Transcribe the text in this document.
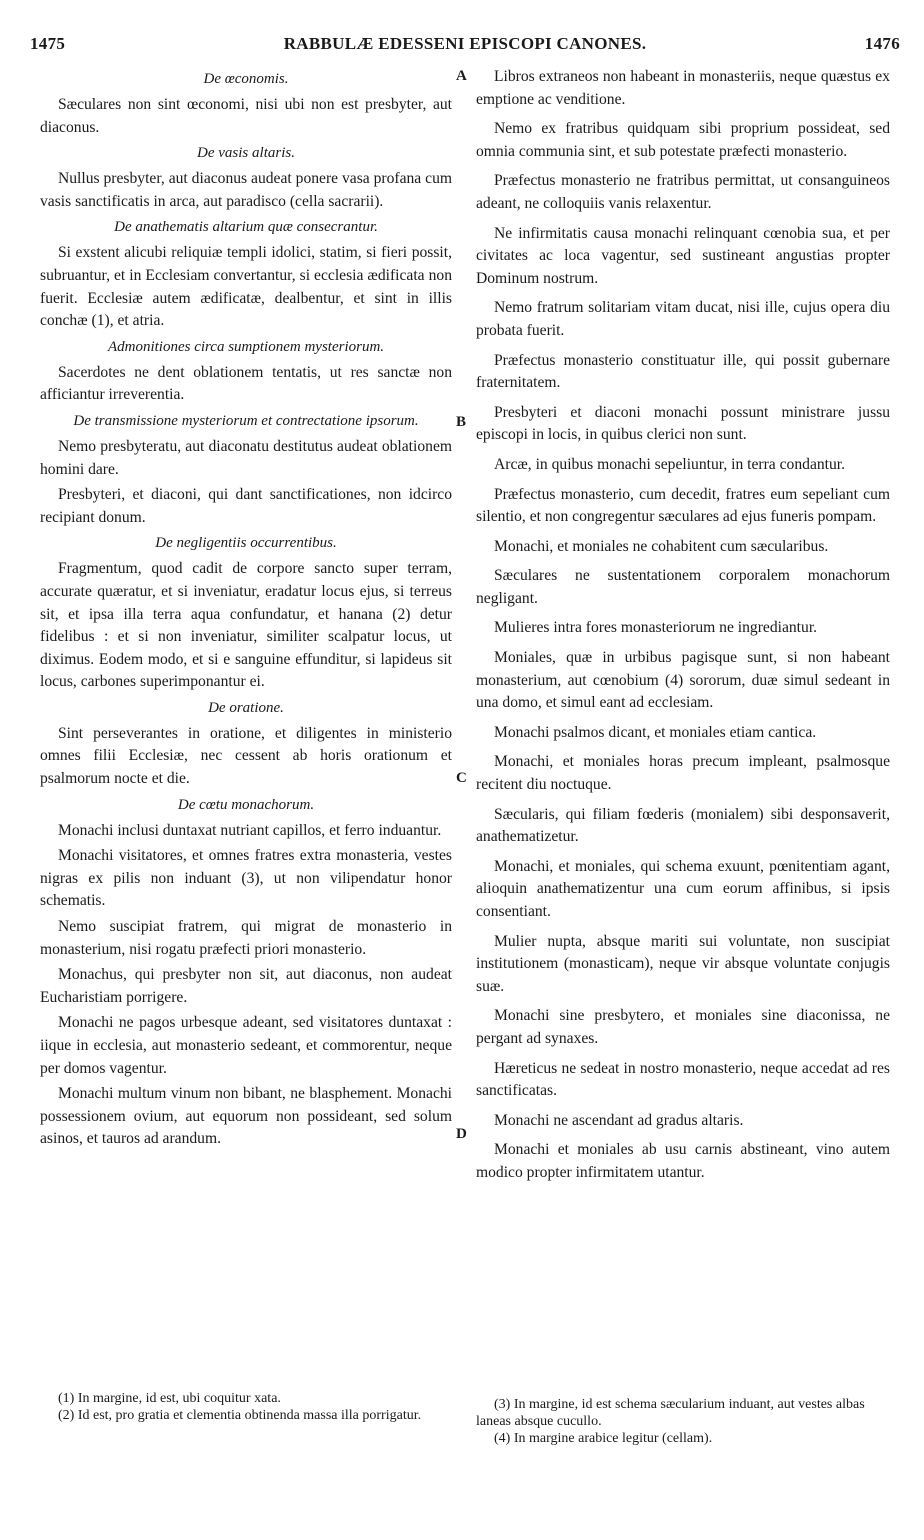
1475	RABBULÆ EDESSENI EPISCOPI CANONES.	1476
A
B
C
D

De œconomis.

Sæculares non sint œconomi, nisi ubi non est presbyter, aut diaconus.

De vasis altaris.

Nullus presbyter, aut diaconus audeat ponere vasa profana cum vasis sanctificatis in arca, aut paradisco (cella sacrarii).

De anathematis altarium quæ consecrantur.

Si exstent alicubi reliquiæ templi idolici, statim, si fieri possit, subruantur, et in Ecclesiam convertantur, si ecclesia ædificata non fuerit. Ecclesiæ autem ædificatæ, dealbentur, et sint in illis conchæ (1), et atria.

Admonitiones circa sumptionem mysteriorum.

Sacerdotes ne dent oblationem tentatis, ut res sanctæ non afficiantur irreverentia.

De transmissione mysteriorum et contrectatione ipsorum.

Nemo presbyteratu, aut diaconatu destitutus audeat oblationem homini dare.

Presbyteri, et diaconi, qui dant sanctificationes, non idcirco recipiant donum.

De negligentiis occurrentibus.

Fragmentum, quod cadit de corpore sancto super terram, accurate quæratur, et si inveniatur, eradatur locus ejus, si terreus sit, et ipsa illa terra aqua confundatur, et hanana (2) detur fidelibus : et si non inveniatur, similiter scalpatur locus, ut diximus. Eodem modo, et si e sanguine effunditur, si lapideus sit locus, carbones superimponantur ei.

De oratione.

Sint perseverantes in oratione, et diligentes in ministerio omnes filii Ecclesiæ, nec cessent ab horis orationum et psalmorum nocte et die.

De cœtu monachorum.

Monachi inclusi duntaxat nutriant capillos, et ferro induantur.

Monachi visitatores, et omnes fratres extra monasteria, vestes nigras ex pilis non induant (3), ut non vilipendatur honor schematis.

Nemo suscipiat fratrem, qui migrat de monasterio in monasterium, nisi rogatu præfecti priori monasterio.

Monachus, qui presbyter non sit, aut diaconus, non audeat Eucharistiam porrigere.

Monachi ne pagos urbesque adeant, sed visitatores duntaxat : iique in ecclesia, aut monasterio sedeant, et commorentur, neque per domos vagentur.

Monachi multum vinum non bibant, ne blasphement. Monachi possessionem ovium, aut equorum non possideant, sed solum asinos, et tauros ad arandum.

Libros extraneos non habeant in monasteriis, neque quæstus ex emptione ac venditione.

Nemo ex fratribus quidquam sibi proprium possideat, sed omnia communia sint, et sub potestate præfecti monasterio.

Præfectus monasterio ne fratribus permittat, ut consanguineos adeant, ne colloquiis vanis relaxentur.

Ne infirmitatis causa monachi relinquant cœnobia sua, et per civitates ac loca vagentur, sed sustineant angustias propter Dominum nostrum.

Nemo fratrum solitariam vitam ducat, nisi ille, cujus opera diu probata fuerit.

Præfectus monasterio constituatur ille, qui possit gubernare fraternitatem.

Presbyteri et diaconi monachi possunt ministrare jussu episcopi in locis, in quibus clerici non sunt.

Arcæ, in quibus monachi sepeliuntur, in terra condantur.

Præfectus monasterio, cum decedit, fratres eum sepeliant cum silentio, et non congregentur sæculares ad ejus funeris pompam.

Monachi, et moniales ne cohabitent cum sæcularibus.

Sæculares ne sustentationem corporalem monachorum negligant.

Mulieres intra fores monasteriorum ne ingrediantur.

Moniales, quæ in urbibus pagisque sunt, si non habeant monasterium, aut cœnobium (4) sororum, duæ simul sedeant in una domo, et simul eant ad ecclesiam.

Monachi psalmos dicant, et moniales etiam cantica.

Monachi, et moniales horas precum impleant, psalmosque recitent diu noctuque.

Sæcularis, qui filiam fœderis (monialem) sibi desponsaverit, anathematizetur.

Monachi, et moniales, qui schema exuunt, pœnitentiam agant, alioquin anathematizentur una cum eorum affinibus, si ipsis consentiant.

Mulier nupta, absque mariti sui voluntate, non suscipiat institutionem (monasticam), neque vir absque voluntate conjugis suæ.

Monachi sine presbytero, et moniales sine diaconissa, ne pergant ad synaxes.

Hæreticus ne sedeat in nostro monasterio, neque accedat ad res sanctificatas.

Monachi ne ascendant ad gradus altaris.

Monachi et moniales ab usu carnis abstineant, vino autem modico propter infirmitatem utantur.

(1) In margine, id est, ubi coquitur xata.

(2) Id est, pro gratia et clementia obtinenda massa illa porrigatur.

(3) In margine, id est schema sæcularium induant, aut vestes albas laneas absque cucullo.

(4) In margine arabice legitur (cellam).
